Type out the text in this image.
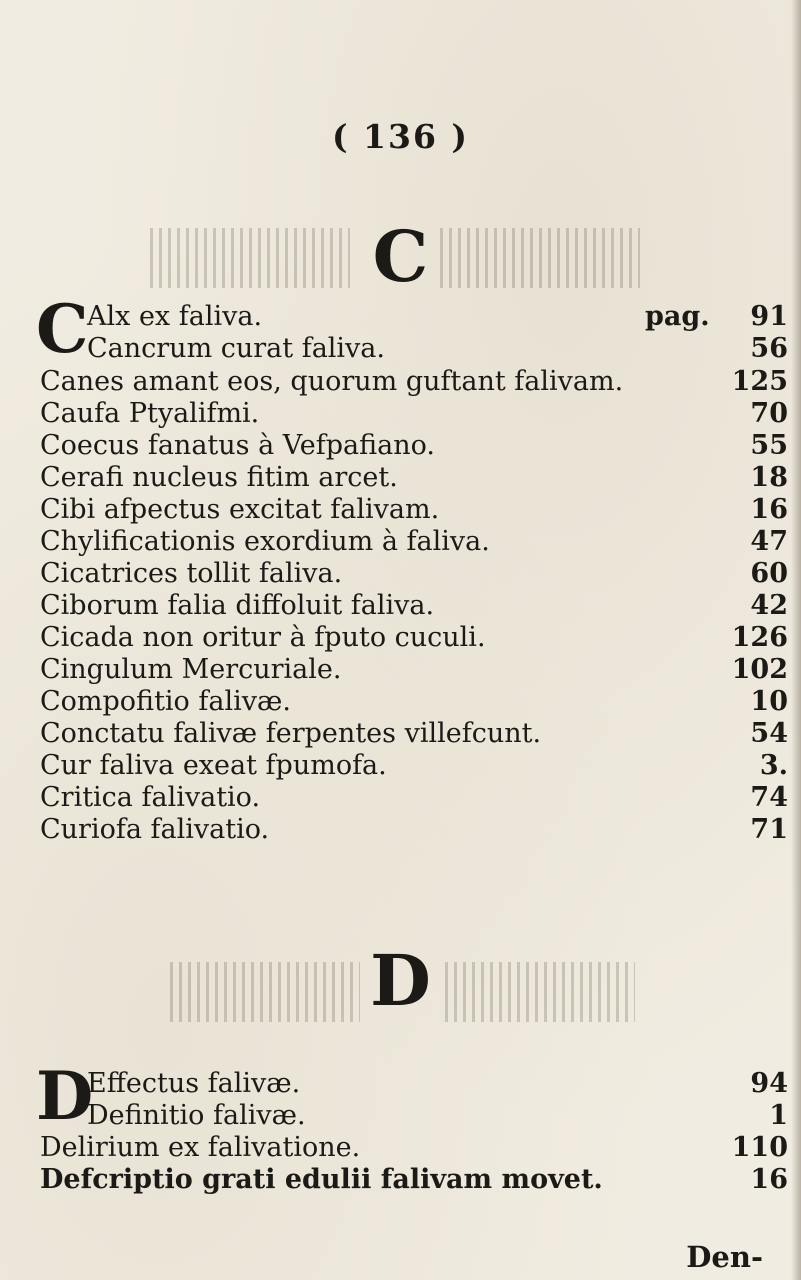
( 136 )
C
C
Alx ex faliva.	pag.	91
Cancrum curat faliva.	56
Canes amant eos, quorum guftant falivam.	125
Caufa Ptyalifmi.	70
Coecus fanatus à Vefpafiano.	55
Cerafi nucleus fitim arcet.	18
Cibi afpectus excitat falivam.	16
Chylificationis exordium à faliva.	47
Cicatrices tollit faliva.	60
Ciborum falia diffoluit faliva.	42
Cicada non oritur à fputo cuculi.	126
Cingulum Mercuriale.	102
Compofitio falivæ.	10
Conctatu falivæ ferpentes villefcunt.	54
Cur faliva exeat fpumofa.	3.
Critica falivatio.	74
Curiofa falivatio.	71
D
D
Effectus falivæ.	94
Definitio falivæ.	1
Delirium ex falivatione.	110
Defcriptio grati edulii falivam movet.	16
Den-
